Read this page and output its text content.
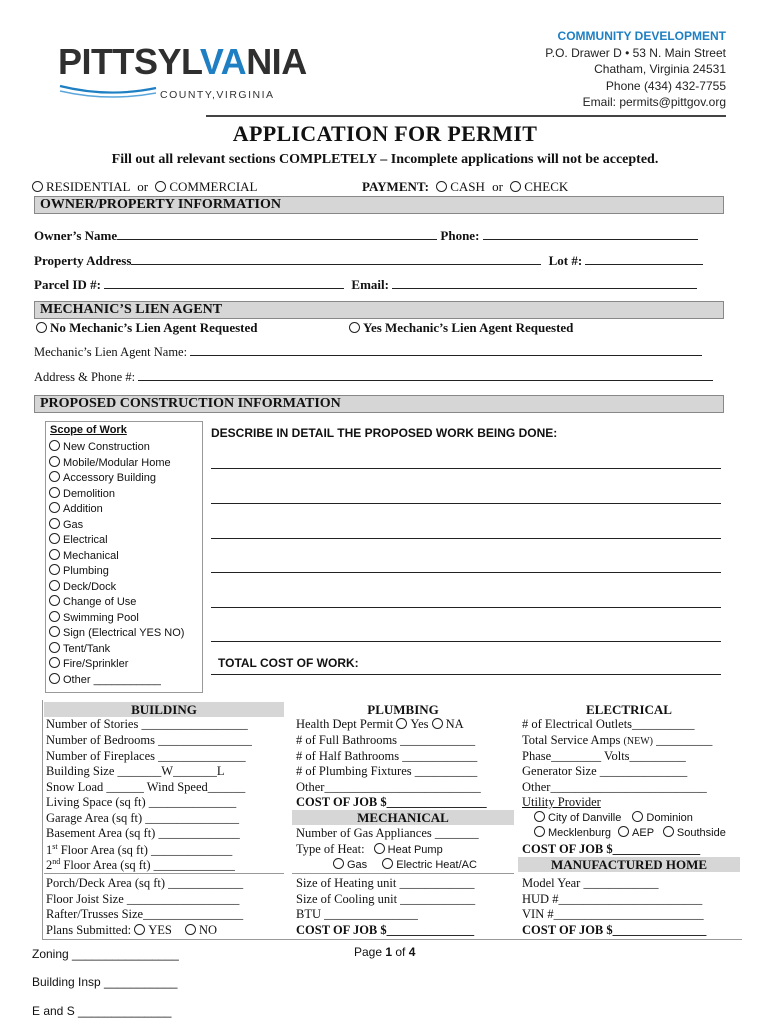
PITTSYLVANIA
COUNTY,VIRGINIA
COMMUNITY DEVELOPMENT
P.O. Drawer D • 53 N. Main Street
Chatham, Virginia 24531
Phone (434) 432-7755
Email: permits@pittgov.org
APPLICATION FOR PERMIT
Fill out all relevant sections COMPLETELY – Incomplete applications will not be accepted.
RESIDENTIAL or COMMERCIAL	PAYMENT: CASH or CHECK
OWNER/PROPERTY INFORMATION
Owner’s Name	Phone:
Property Address	Lot #:
Parcel ID #:	Email:
MECHANIC’S LIEN AGENT
No Mechanic’s Lien Agent Requested	Yes Mechanic’s Lien Agent Requested
Mechanic’s Lien Agent Name:
Address & Phone #:
PROPOSED CONSTRUCTION INFORMATION
Scope of Work
New Construction
Mobile/Modular Home
Accessory Building
Demolition
Addition
Gas
Electrical
Mechanical
Plumbing
Deck/Dock
Change of Use
Swimming Pool
Sign (Electrical YES NO)
Tent/Tank
Fire/Sprinkler
Other ___________
DESCRIBE IN DETAIL THE PROPOSED WORK BEING DONE:
TOTAL COST OF WORK:
BUILDING
Number of Stories _________________
Number of Bedrooms _______________
Number of Fireplaces ______________
Building Size _______W_______L
Snow Load ______ Wind Speed______
Living Space (sq ft) ______________
Garage Area (sq ft) _______________
Basement Area (sq ft) _____________
1st Floor Area (sq ft) _____________
2nd Floor Area (sq ft) _____________
Porch/Deck Area (sq ft) ____________
Floor Joist Size __________________
Rafter/Trusses Size________________
Plans Submitted: YES NO
PLUMBING
Health Dept Permit Yes NA
# of Full Bathrooms ____________
# of Half Bathrooms ____________
# of Plumbing Fixtures __________
Other_________________________
COST OF JOB $________________
MECHANICAL
Number of Gas Appliances _______
Type of Heat: Heat Pump
Gas	Electric Heat/AC
Size of Heating unit ____________
Size of Cooling unit ____________
BTU _______________
COST OF JOB $______________
ELECTRICAL
# of Electrical Outlets__________
Total Service Amps (NEW) _________
Phase________ Volts_________
Generator Size ______________
Other_________________________
Utility Provider
City of Danville Dominion
Mecklenburg AEP Southside
COST OF JOB $______________
MANUFACTURED HOME
Model Year ____________
HUD #_______________________
VIN #________________________
COST OF JOB $_______________
Zoning ________________	Page 1 of 4
Building Insp ___________
E and S ______________
